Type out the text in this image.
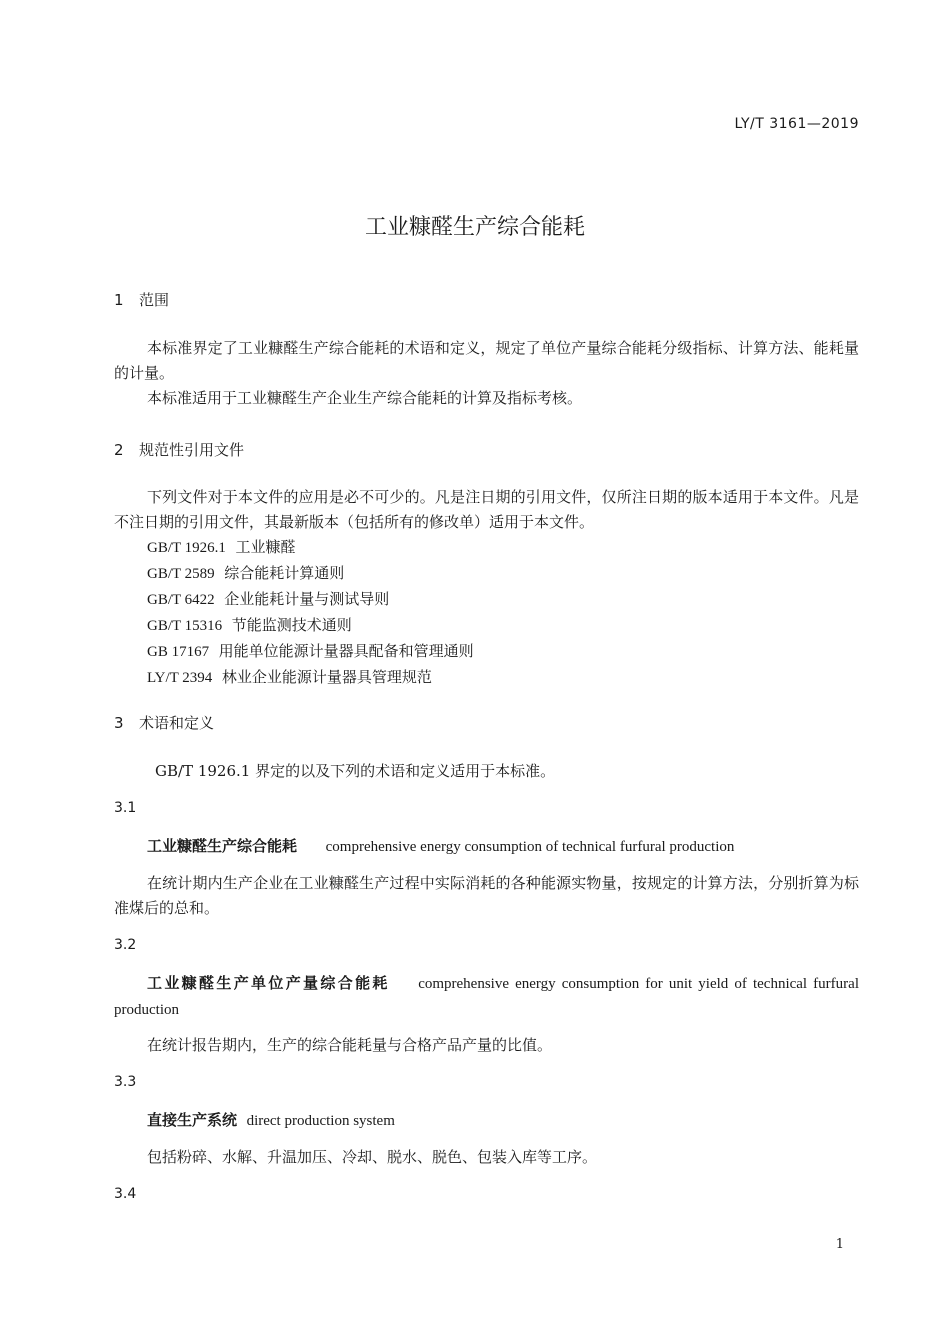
LY/T 3161—2019
工业糠醛生产综合能耗
1 范围
本标准界定了工业糠醛生产综合能耗的术语和定义，规定了单位产量综合能耗分级指标、计算方法、能耗量的计量。
本标准适用于工业糠醛生产企业生产综合能耗的计算及指标考核。
2 规范性引用文件
下列文件对于本文件的应用是必不可少的。凡是注日期的引用文件，仅所注日期的版本适用于本文件。凡是不注日期的引用文件，其最新版本（包括所有的修改单）适用于本文件。
GB/T 1926.1 工业糠醛
GB/T 2589 综合能耗计算通则
GB/T 6422 企业能耗计量与测试导则
GB/T 15316 节能监测技术通则
GB 17167 用能单位能源计量器具配备和管理通则
LY/T 2394 林业企业能源计量器具管理规范
3 术语和定义
GB/T 1926.1 界定的以及下列的术语和定义适用于本标准。
3.1
工业糠醛生产综合能耗 comprehensive energy consumption of technical furfural production
在统计期内生产企业在工业糠醛生产过程中实际消耗的各种能源实物量，按规定的计算方法，分别折算为标准煤后的总和。
3.2
工业糠醛生产单位产量综合能耗 comprehensive energy consumption for unit yield of technical furfural production
在统计报告期内，生产的综合能耗量与合格产品产量的比值。
3.3
直接生产系统 direct production system
包括粉碎、水解、升温加压、冷却、脱水、脱色、包装入库等工序。
3.4
1
